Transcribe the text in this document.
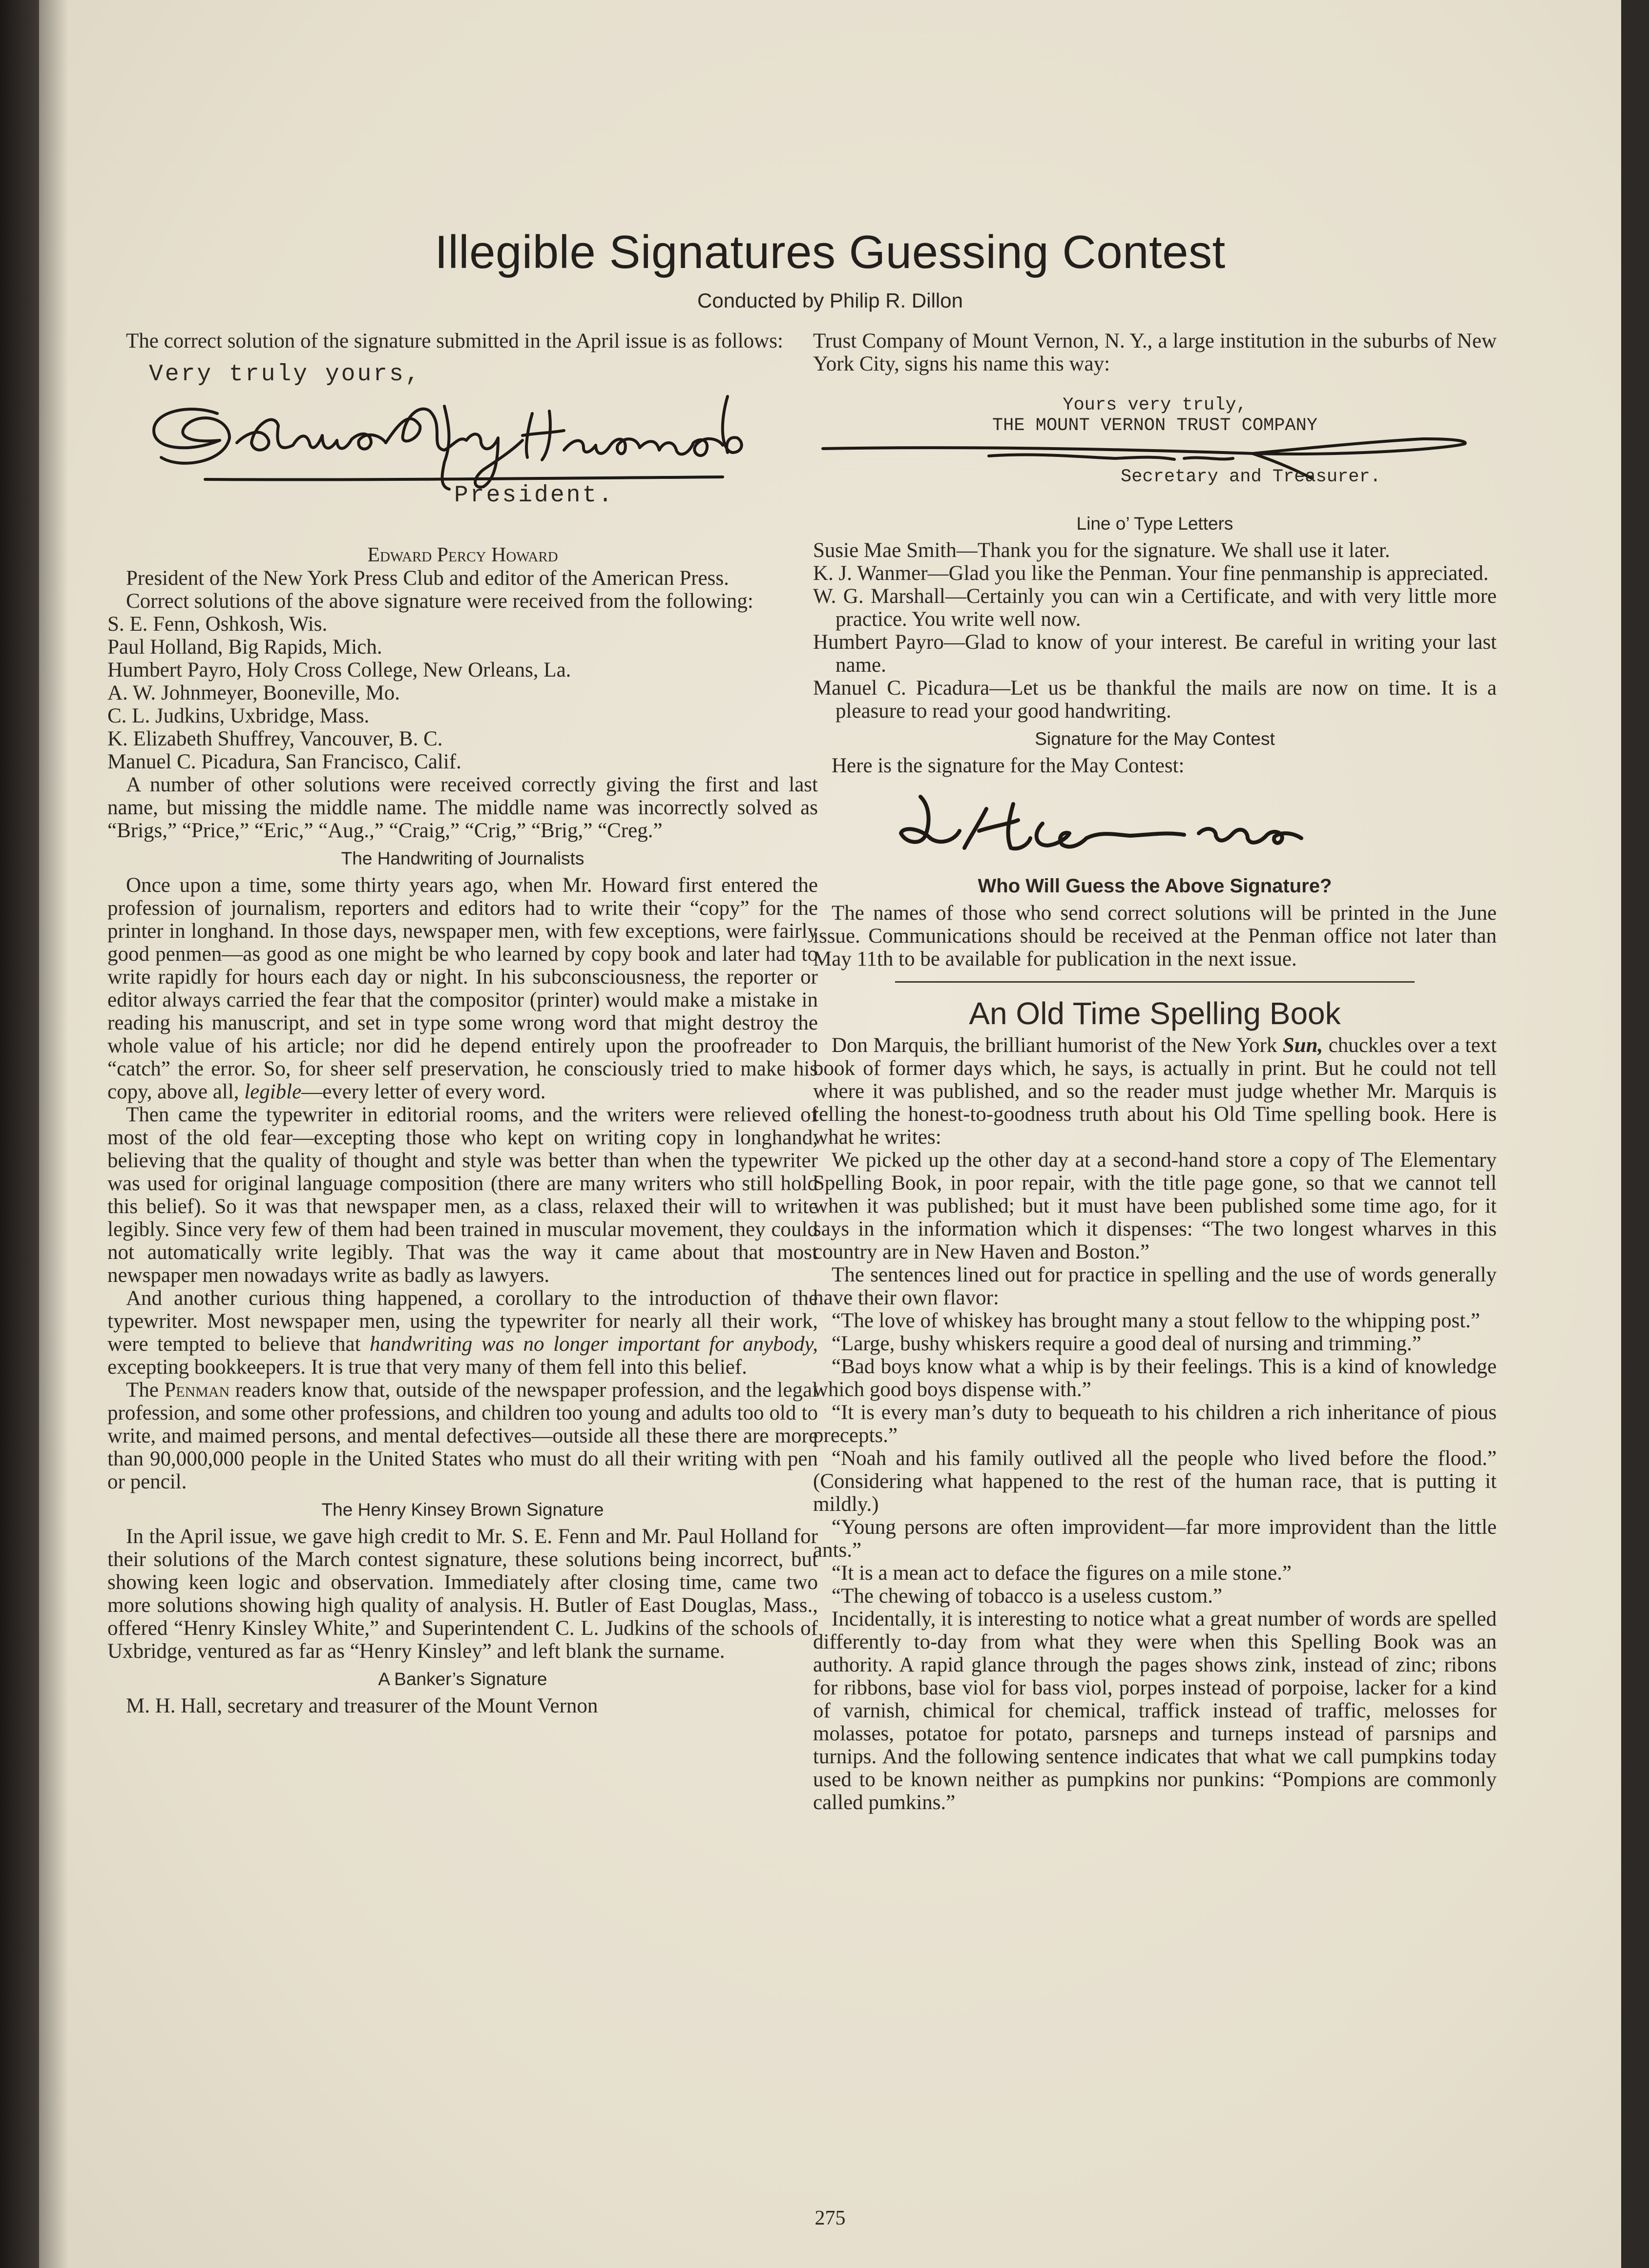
Illegible Signatures Guessing Contest
Conducted by Philip R. Dillon

The correct solution of the signature submitted in the April issue is as follows:

Very truly yours,
President.
Edward Percy Howard

President of the New York Press Club and editor of the American Press.

Correct solutions of the above signature were received from the following:

S. E. Fenn, Oshkosh, Wis.

Paul Holland, Big Rapids, Mich.

Humbert Payro, Holy Cross College, New Orleans, La.

A. W. Johnmeyer, Booneville, Mo.

C. L. Judkins, Uxbridge, Mass.

K. Elizabeth Shuffrey, Vancouver, B. C.

Manuel C. Picadura, San Francisco, Calif.

A number of other solutions were received correctly giving the first and last name, but missing the middle name. The middle name was incorrectly solved as “Brigs,” “Price,” “Eric,” “Aug.,” “Craig,” “Crig,” “Brig,” “Creg.”

The Handwriting of Journalists

Once upon a time, some thirty years ago, when Mr. Howard first entered the profession of journalism, reporters and editors had to write their “copy” for the printer in longhand. In those days, newspaper men, with few exceptions, were fairly good penmen—as good as one might be who learned by copy book and later had to write rapidly for hours each day or night. In his subconsciousness, the reporter or editor always carried the fear that the compositor (printer) would make a mistake in reading his manuscript, and set in type some wrong word that might destroy the whole value of his article; nor did he depend entirely upon the proofreader to “catch” the error. So, for sheer self preservation, he consciously tried to make his copy, above all, legible—every letter of every word.

Then came the typewriter in editorial rooms, and the writers were relieved of most of the old fear—excepting those who kept on writing copy in longhand, believing that the quality of thought and style was better than when the typewriter was used for original language composition (there are many writers who still hold this belief). So it was that newspaper men, as a class, relaxed their will to write legibly. Since very few of them had been trained in muscular movement, they could not automatically write legibly. That was the way it came about that most newspaper men nowadays write as badly as lawyers.

And another curious thing happened, a corollary to the introduction of the typewriter. Most newspaper men, using the typewriter for nearly all their work, were tempted to believe that handwriting was no longer important for anybody, excepting bookkeepers. It is true that very many of them fell into this belief.

The Penman readers know that, outside of the newspaper profession, and the legal profession, and some other professions, and children too young and adults too old to write, and maimed persons, and mental defectives—outside all these there are more than 90,000,000 people in the United States who must do all their writing with pen or pencil.

The Henry Kinsey Brown Signature

In the April issue, we gave high credit to Mr. S. E. Fenn and Mr. Paul Holland for their solutions of the March contest signature, these solutions being incorrect, but showing keen logic and observation. Immediately after closing time, came two more solutions showing high quality of analysis. H. Butler of East Douglas, Mass., offered “Henry Kinsley White,” and Superintendent C. L. Judkins of the schools of Uxbridge, ventured as far as “Henry Kinsley” and left blank the surname.

A Banker’s Signature

M. H. Hall, secretary and treasurer of the Mount Vernon

Trust Company of Mount Vernon, N. Y., a large institution in the suburbs of New York City, signs his name this way:

Yours very truly,
THE MOUNT VERNON TRUST COMPANY
Secretary and Treasurer.
Line o’ Type Letters

Susie Mae Smith—Thank you for the signature. We shall use it later.

K. J. Wanmer—Glad you like the Penman. Your fine penmanship is appreciated.

W. G. Marshall—Certainly you can win a Certificate, and with very little more practice. You write well now.

Humbert Payro—Glad to know of your interest. Be careful in writing your last name.

Manuel C. Picadura—Let us be thankful the mails are now on time. It is a pleasure to read your good handwriting.

Signature for the May Contest

Here is the signature for the May Contest:

Who Will Guess the Above Signature?

The names of those who send correct solutions will be printed in the June issue. Communications should be received at the Penman office not later than May 11th to be available for publication in the next issue.

An Old Time Spelling Book

Don Marquis, the brilliant humorist of the New York Sun, chuckles over a text book of former days which, he says, is actually in print. But he could not tell where it was published, and so the reader must judge whether Mr. Marquis is telling the honest-to-goodness truth about his Old Time spelling book. Here is what he writes:

We picked up the other day at a second-hand store a copy of The Elementary Spelling Book, in poor repair, with the title page gone, so that we cannot tell when it was published; but it must have been published some time ago, for it says in the information which it dispenses: “The two longest wharves in this country are in New Haven and Boston.”

The sentences lined out for practice in spelling and the use of words generally have their own flavor:

“The love of whiskey has brought many a stout fellow to the whipping post.”

“Large, bushy whiskers require a good deal of nursing and trimming.”

“Bad boys know what a whip is by their feelings. This is a kind of knowledge which good boys dispense with.”

“It is every man’s duty to bequeath to his children a rich inheritance of pious precepts.”

“Noah and his family outlived all the people who lived before the flood.” (Considering what happened to the rest of the human race, that is putting it mildly.)

“Young persons are often improvident—far more improvident than the little ants.”

“It is a mean act to deface the figures on a mile stone.”

“The chewing of tobacco is a useless custom.”

Incidentally, it is interesting to notice what a great number of words are spelled differently to-day from what they were when this Spelling Book was an authority. A rapid glance through the pages shows zink, instead of zinc; ribons for ribbons, base viol for bass viol, porpes instead of porpoise, lacker for a kind of varnish, chimical for chemical, traffick instead of traffic, melosses for molasses, potatoe for potato, parsneps and turneps instead of parsnips and turnips. And the following sentence indicates that what we call pumpkins today used to be known neither as pumpkins nor punkins: “Pompions are commonly called pumkins.”

275
